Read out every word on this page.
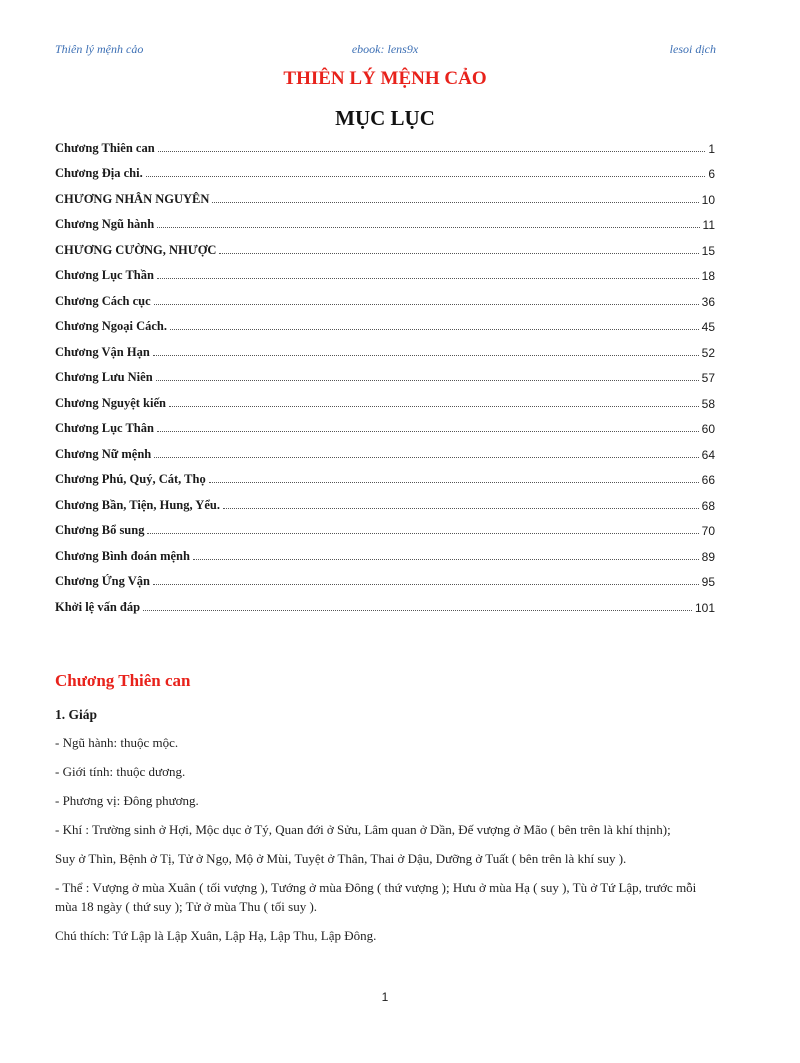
Thiên lý mệnh cảo	ebook: lens9x	lesoi dịch

THIÊN LÝ MỆNH CẢO
MỤC LỤC
Chương Thiên can	1
Chương Địa chi.	6
CHƯƠNG NHÂN NGUYÊN	10
Chương Ngũ hành	11
CHƯƠNG CƯỜNG, NHƯỢC	15
Chương Lục Thần	18
Chương Cách cục	36
Chương Ngoại Cách.	45
Chương Vận Hạn	52
Chương Lưu Niên	57
Chương Nguyệt kiến	58
Chương Lục Thân	60
Chương Nữ mệnh	64
Chương Phú, Quý, Cát, Thọ	66
Chương Bần, Tiện, Hung, Yểu.	68
Chương Bổ sung	70
Chương Bình đoán mệnh	89
Chương Ứng Vận	95
Khởi lệ vấn đáp	101
Chương Thiên can
1. Giáp

- Ngũ hành: thuộc mộc.

- Giới tính: thuộc dương.

- Phương vị: Đông phương.

- Khí : Trường sinh ở Hợi, Mộc dục ở Tý, Quan đới ở Sửu, Lâm quan ở Dần, Đế vượng ở Mão ( bên trên là khí thịnh);

Suy ở Thìn, Bệnh ở Tị, Tử ở Ngọ, Mộ ở Mùi, Tuyệt ở Thân, Thai ở Dậu, Dưỡng ở Tuất ( bên trên là khí suy ).

- Thể : Vượng ở mùa Xuân ( tối vượng ), Tướng ở mùa Đông ( thứ vượng ); Hưu ở mùa Hạ ( suy ), Tù ở Tứ Lập, trước mỗi mùa 18 ngày ( thứ suy ); Tử ở mùa Thu ( tối suy ).

Chú thích: Tứ Lập là Lập Xuân, Lập Hạ, Lập Thu, Lập Đông.

1
